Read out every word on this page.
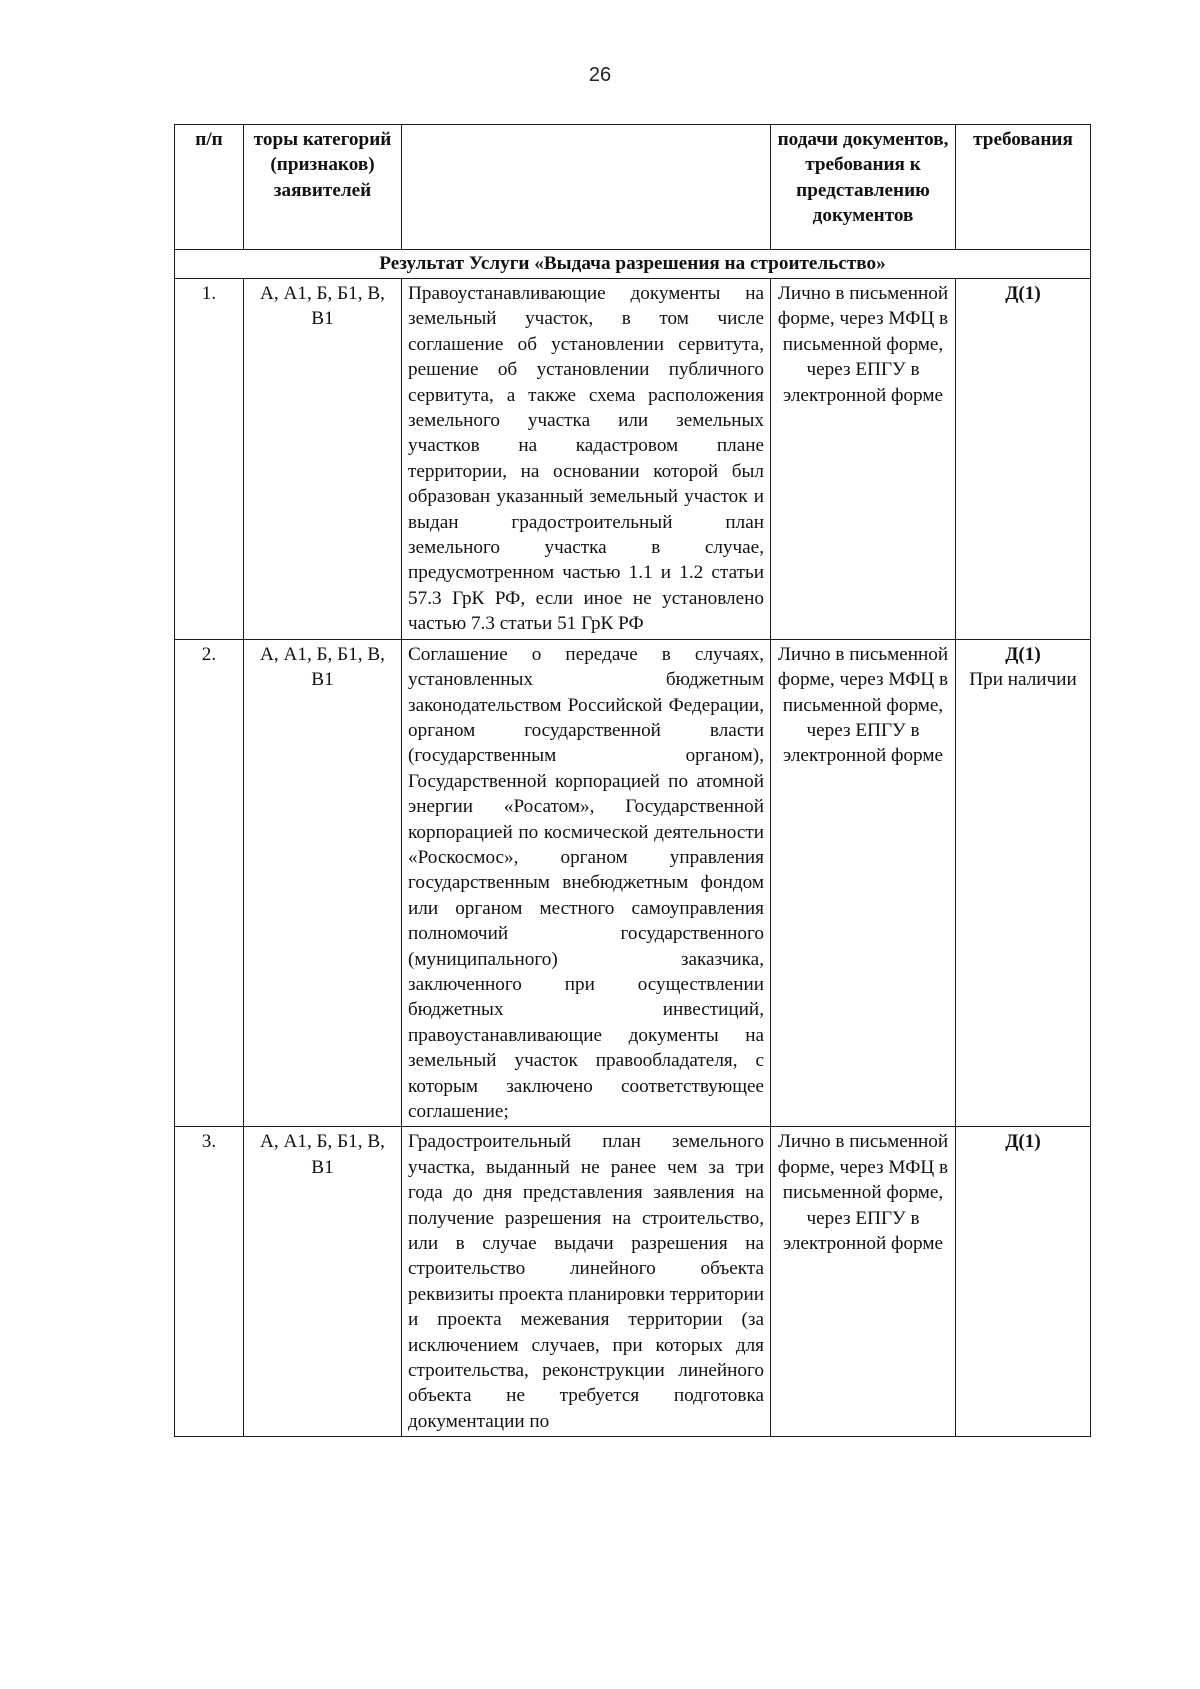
26
п/п	торы категорий (признаков) заявителей		подачи документов, требования к представлению документов	требования
Результат Услуги «Выдача разрешения на строительство»				
1.	А, А1, Б, Б1, В, В1	Правоустанавливающие документы на земельный участок, в том числе соглашение об установлении сервитута, решение об установлении публичного сервитута, а также схема расположения земельного участка или земельных участков на кадастровом плане территории, на основании которой был образован указанный земельный участок и выдан градостроительный план земельного участка в случае, предусмотренном частью 1.1 и 1.2 статьи 57.3 ГрК РФ, если иное не установлено частью 7.3 статьи 51 ГрК РФ	Лично в письменной форме, через МФЦ в письменной форме, через ЕПГУ в электронной форме	Д(1)

2.	А, А1, Б, Б1, В, В1	Соглашение о передаче в случаях, установленных бюджетным законодательством Российской Федерации, органом государственной власти (государственным органом), Государственной корпорацией по атомной энергии «Росатом», Государственной корпорацией по космической деятельности «Роскосмос», органом управления государственным внебюджетным фондом или органом местного самоуправления полномочий государственного (муниципального) заказчика, заключенного при осуществлении бюджетных инвестиций, правоустанавливающие документы на земельный участок правообладателя, с которым заключено соответствующее соглашение;	Лично в письменной форме, через МФЦ в письменной форме, через ЕПГУ в электронной форме	Д(1)
При наличии

3.	А, А1, Б, Б1, В, В1	Градостроительный план земельного участка, выданный не ранее чем за три года до дня представления заявления на получение разрешения на строительство, или в случае выдачи разрешения на строительство линейного объекта реквизиты проекта планировки территории и проекта межевания территории (за исключением случаев, при которых для строительства, реконструкции линейного объекта не требуется подготовка документации по	Лично в письменной форме, через МФЦ в письменной форме, через ЕПГУ в электронной форме	Д(1)
